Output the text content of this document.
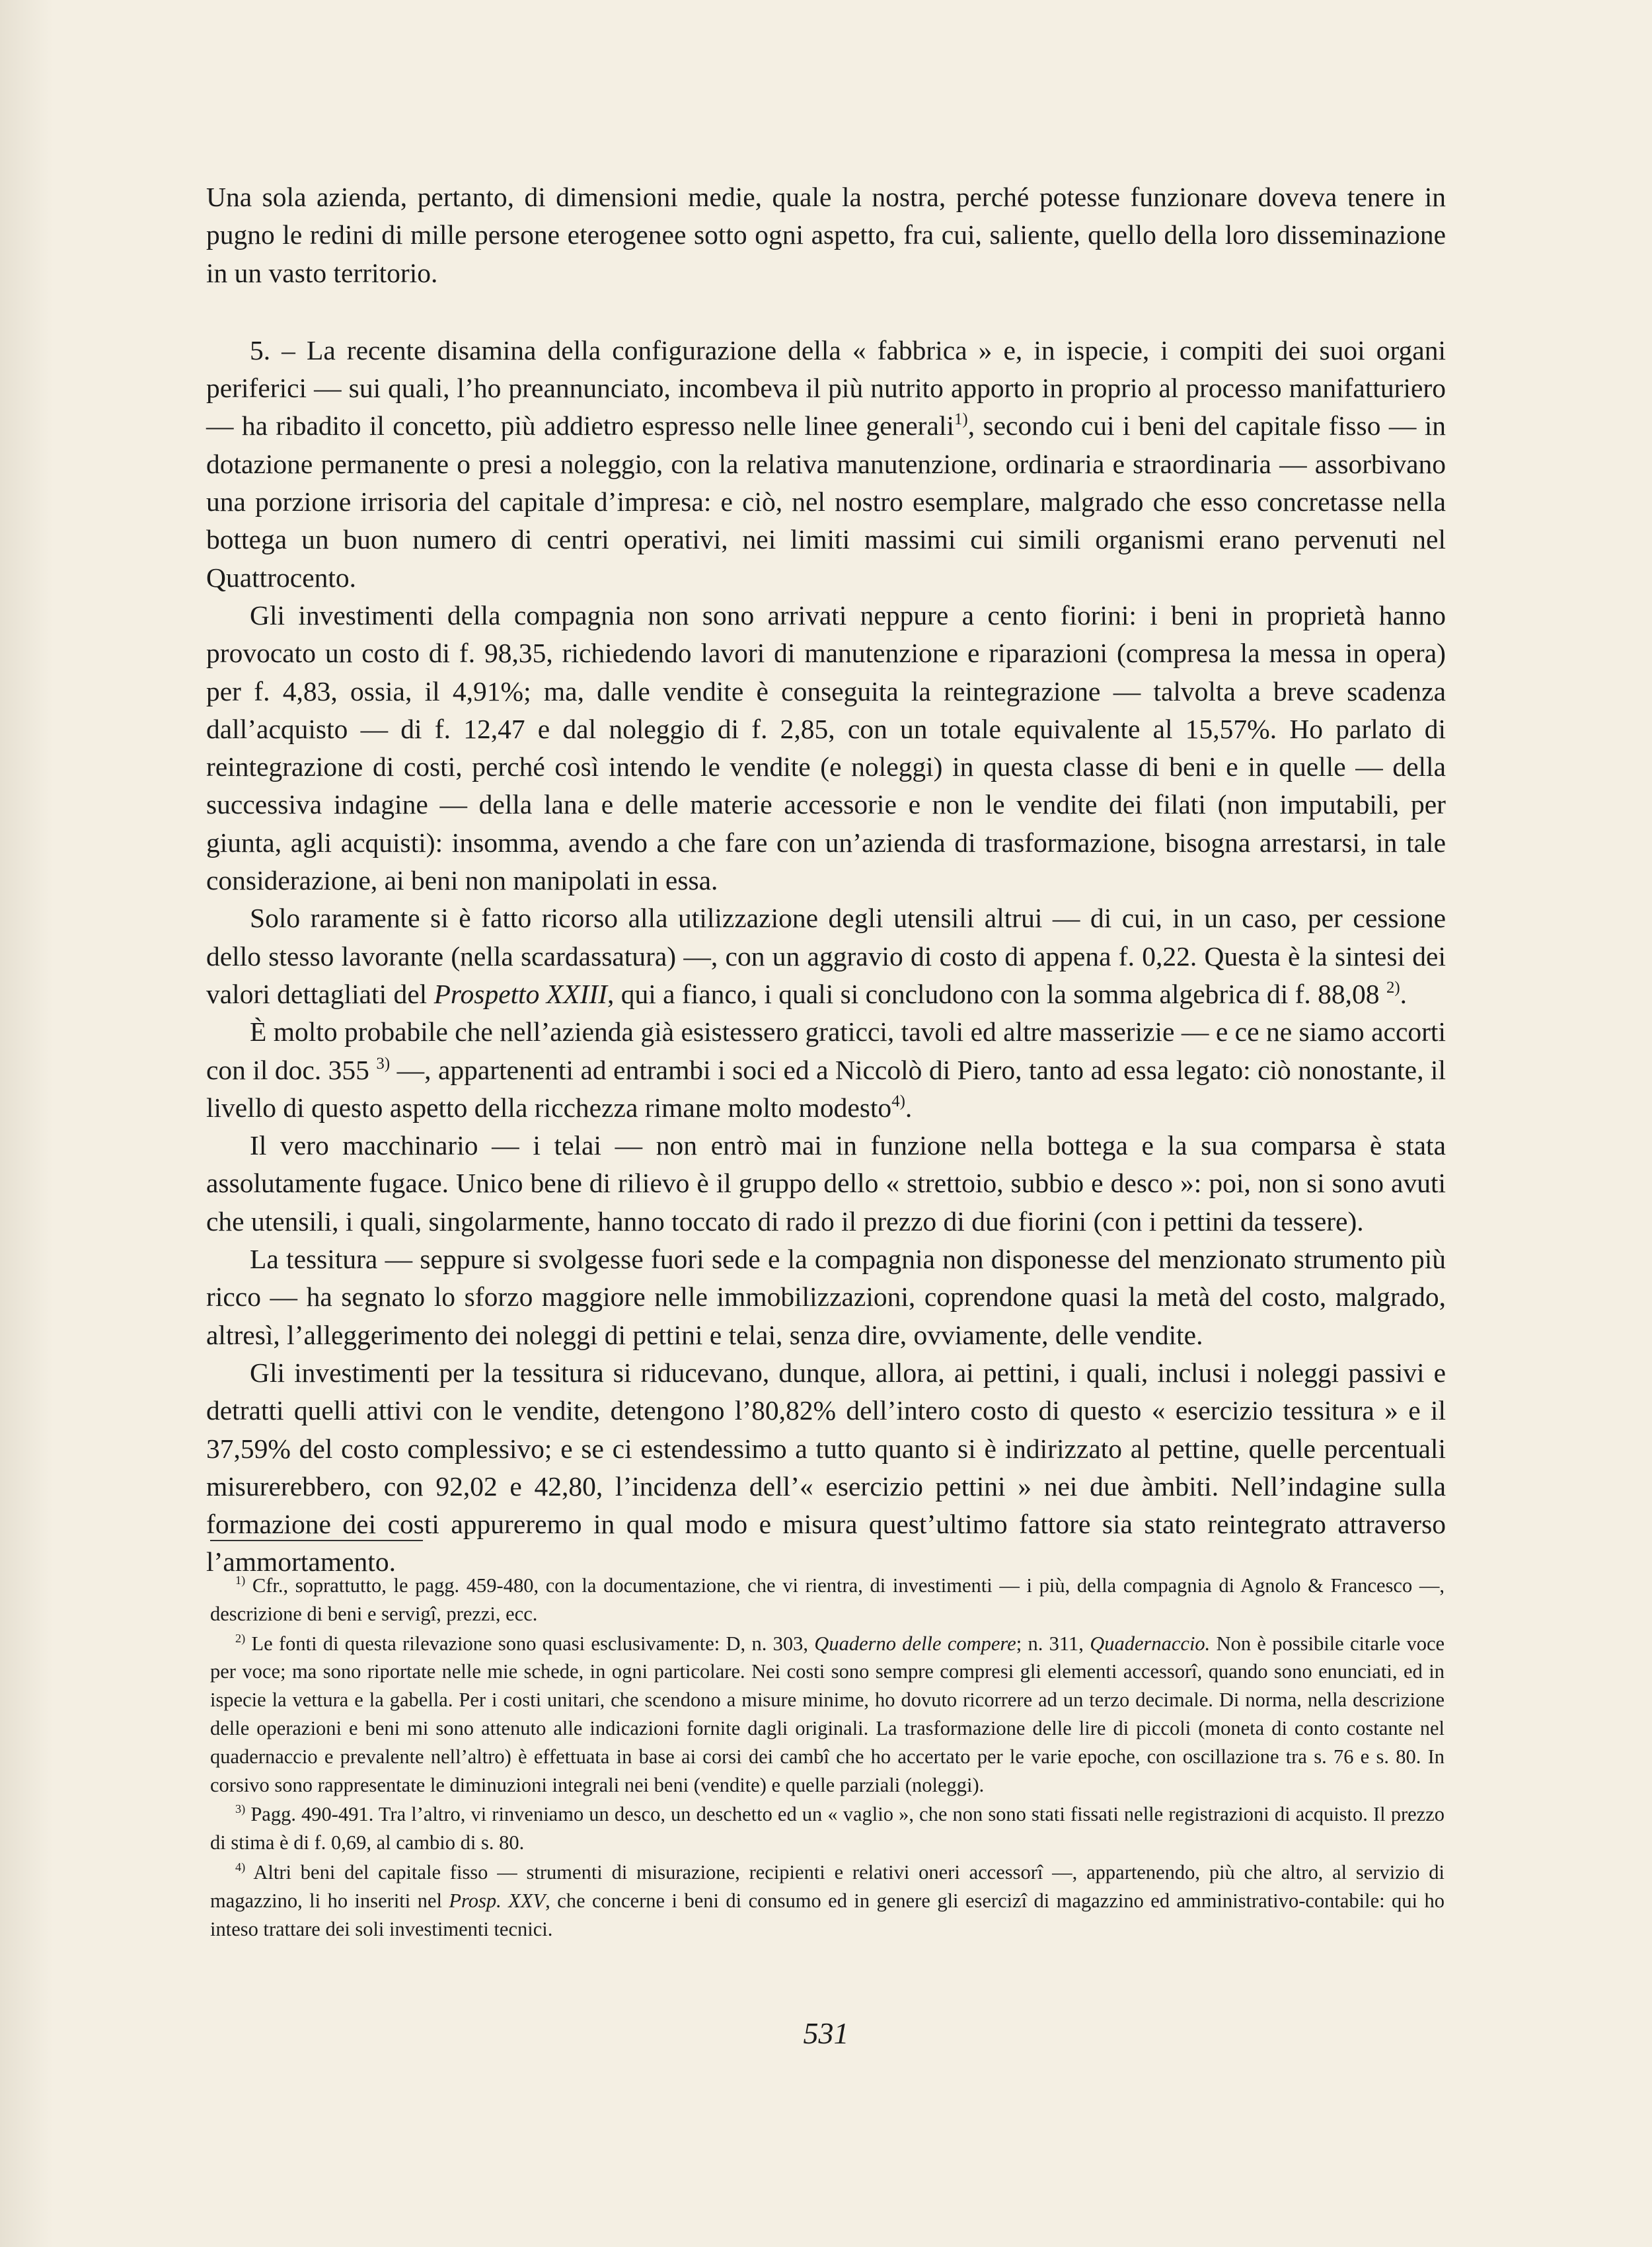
Una sola azienda, pertanto, di dimensioni medie, quale la nostra, perché potesse funzionare doveva tenere in pugno le redini di mille persone eterogenee sotto ogni aspetto, fra cui, saliente, quello della loro disseminazione in un vasto territorio.

5. – La recente disamina della configurazione della « fabbrica » e, in ispecie, i compiti dei suoi organi periferici — sui quali, l’ho preannunciato, incombeva il più nutrito apporto in proprio al processo manifatturiero — ha ribadito il concetto, più addietro espresso nelle linee generali$^{1)}$, secondo cui i beni del capitale fisso — in dotazione permanente o presi a noleggio, con la relativa manutenzione, ordinaria e straordinaria — assorbivano una porzione irrisoria del capitale d’impresa: e ciò, nel nostro esemplare, malgrado che esso concretasse nella bottega un buon numero di centri operativi, nei limiti massimi cui simili organismi erano pervenuti nel Quattrocento.

Gli investimenti della compagnia non sono arrivati neppure a cento fiorini: i beni in proprietà hanno provocato un costo di f. 98,35, richiedendo lavori di manutenzione e riparazioni (compresa la messa in opera) per f. 4,83, ossia, il 4,91%; ma, dalle vendite è conseguita la reintegrazione — talvolta a breve scadenza dall’acquisto — di f. 12,47 e dal noleggio di f. 2,85, con un totale equivalente al 15,57%. Ho parlato di reintegrazione di costi, perché così intendo le vendite (e noleggi) in questa classe di beni e in quelle — della successiva indagine — della lana e delle materie accessorie e non le vendite dei filati (non imputabili, per giunta, agli acquisti): insomma, avendo a che fare con un’azienda di trasformazione, bisogna arrestarsi, in tale considerazione, ai beni non manipolati in essa.

Solo raramente si è fatto ricorso alla utilizzazione degli utensili altrui — di cui, in un caso, per cessione dello stesso lavorante (nella scardassatura) —, con un aggravio di costo di appena f. 0,22. Questa è la sintesi dei valori dettagliati del Prospetto XXIII, qui a fianco, i quali si concludono con la somma algebrica di f. 88,08 $^{2)}$.

È molto probabile che nell’azienda già esistessero graticci, tavoli ed altre masserizie — e ce ne siamo accorti con il doc. 355 $^{3)}$ —, appartenenti ad entrambi i soci ed a Niccolò di Piero, tanto ad essa legato: ciò nonostante, il livello di questo aspetto della ricchezza rimane molto modesto$^{4)}$.

Il vero macchinario — i telai — non entrò mai in funzione nella bottega e la sua comparsa è stata assolutamente fugace. Unico bene di rilievo è il gruppo dello « strettoio, subbio e desco »: poi, non si sono avuti che utensili, i quali, singolarmente, hanno toccato di rado il prezzo di due fiorini (con i pettini da tessere).

La tessitura — seppure si svolgesse fuori sede e la compagnia non disponesse del menzionato strumento più ricco — ha segnato lo sforzo maggiore nelle immobilizzazioni, coprendone quasi la metà del costo, malgrado, altresì, l’alleggerimento dei noleggi di pettini e telai, senza dire, ovviamente, delle vendite.

Gli investimenti per la tessitura si riducevano, dunque, allora, ai pettini, i quali, inclusi i noleggi passivi e detratti quelli attivi con le vendite, detengono l’80,82% dell’intero costo di questo « esercizio tessitura » e il 37,59% del costo complessivo; e se ci estendessimo a tutto quanto si è indirizzato al pettine, quelle percentuali misurerebbero, con 92,02 e 42,80, l’incidenza dell’« esercizio pettini » nei due àmbiti. Nell’indagine sulla formazione dei costi appureremo in qual modo e misura quest’ultimo fattore sia stato reintegrato attraverso l’ammortamento.

$^{1)}$ Cfr., soprattutto, le pagg. 459-480, con la documentazione, che vi rientra, di investimenti — i più, della compagnia di Agnolo & Francesco —, descrizione di beni e servigî, prezzi, ecc.

$^{2)}$ Le fonti di questa rilevazione sono quasi esclusivamente: D, n. 303, Quaderno delle compere; n. 311, Quadernaccio. Non è possibile citarle voce per voce; ma sono riportate nelle mie schede, in ogni particolare. Nei costi sono sempre compresi gli elementi accessorî, quando sono enunciati, ed in ispecie la vettura e la gabella. Per i costi unitari, che scendono a misure minime, ho dovuto ricorrere ad un terzo decimale. Di norma, nella descrizione delle operazioni e beni mi sono attenuto alle indicazioni fornite dagli originali. La trasformazione delle lire di piccoli (moneta di conto costante nel quadernaccio e prevalente nell’altro) è effettuata in base ai corsi dei cambî che ho accertato per le varie epoche, con oscillazione tra s. 76 e s. 80. In corsivo sono rappresentate le diminuzioni integrali nei beni (vendite) e quelle parziali (noleggi).

$^{3)}$ Pagg. 490-491. Tra l’altro, vi rinveniamo un desco, un deschetto ed un « vaglio », che non sono stati fissati nelle registrazioni di acquisto. Il prezzo di stima è di f. 0,69, al cambio di s. 80.

$^{4)}$ Altri beni del capitale fisso — strumenti di misurazione, recipienti e relativi oneri accessorî —, appartenendo, più che altro, al servizio di magazzino, li ho inseriti nel Prosp. XXV, che concerne i beni di consumo ed in genere gli esercizî di magazzino ed amministrativo-contabile: qui ho inteso trattare dei soli investimenti tecnici.

531
